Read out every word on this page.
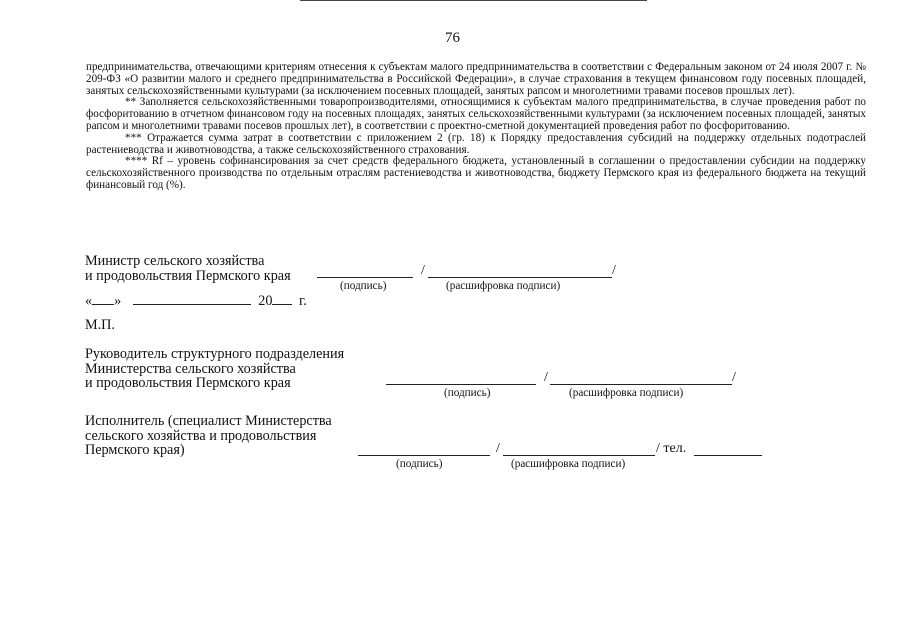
76

предпринимательства, отвечающими критериям отнесения к субъектам малого предпринимательства в соответствии с Федеральным законом от 24 июля 2007 г. № 209-ФЗ «О развитии малого и среднего предпринимательства в Российской Федерации», в случае страхования в текущем финансовом году посевных площадей, занятых сельскохозяйственными культурами (за исключением посевных площадей, занятых рапсом и многолетними травами посевов прошлых лет).

** Заполняется сельскохозяйственными товаропроизводителями, относящимися к субъектам малого предпринимательства, в случае проведения работ по фосфоритованию в отчетном финансовом году на посевных площадях, занятых сельскохозяйственными культурами (за исключением посевных площадей, занятых рапсом и многолетними травами посевов прошлых лет), в соответствии с проектно-сметной документацией проведения работ по фосфоритованию.

*** Отражается сумма затрат в соответствии с приложением 2 (гр. 18) к Порядку предоставления субсидий на поддержку отдельных подотраслей растениеводства и животноводства, а также сельскохозяйственного страхования.

**** Rf – уровень софинансирования за счет средств федерального бюджета, установленный в соглашении о предоставлении субсидии на поддержку сельскохозяйственного производства по отдельным отраслям растениеводства и животноводства, бюджету Пермского края из федерального бюджета на текущий финансовый год (%).

Министр сельского хозяйства
и продовольствия Пермского края	/	/
(подпись)	(расшифровка подписи)
« »	20 г.
М.П.
Руководитель структурного подразделения
Министерства сельского хозяйства
и продовольствия Пермского края	/	/
(подпись)	(расшифровка подписи)
Исполнитель (специалист Министерства
сельского хозяйства и продовольствия
Пермского края)	/	/ тел.
(подпись)	(расшифровка подписи)
